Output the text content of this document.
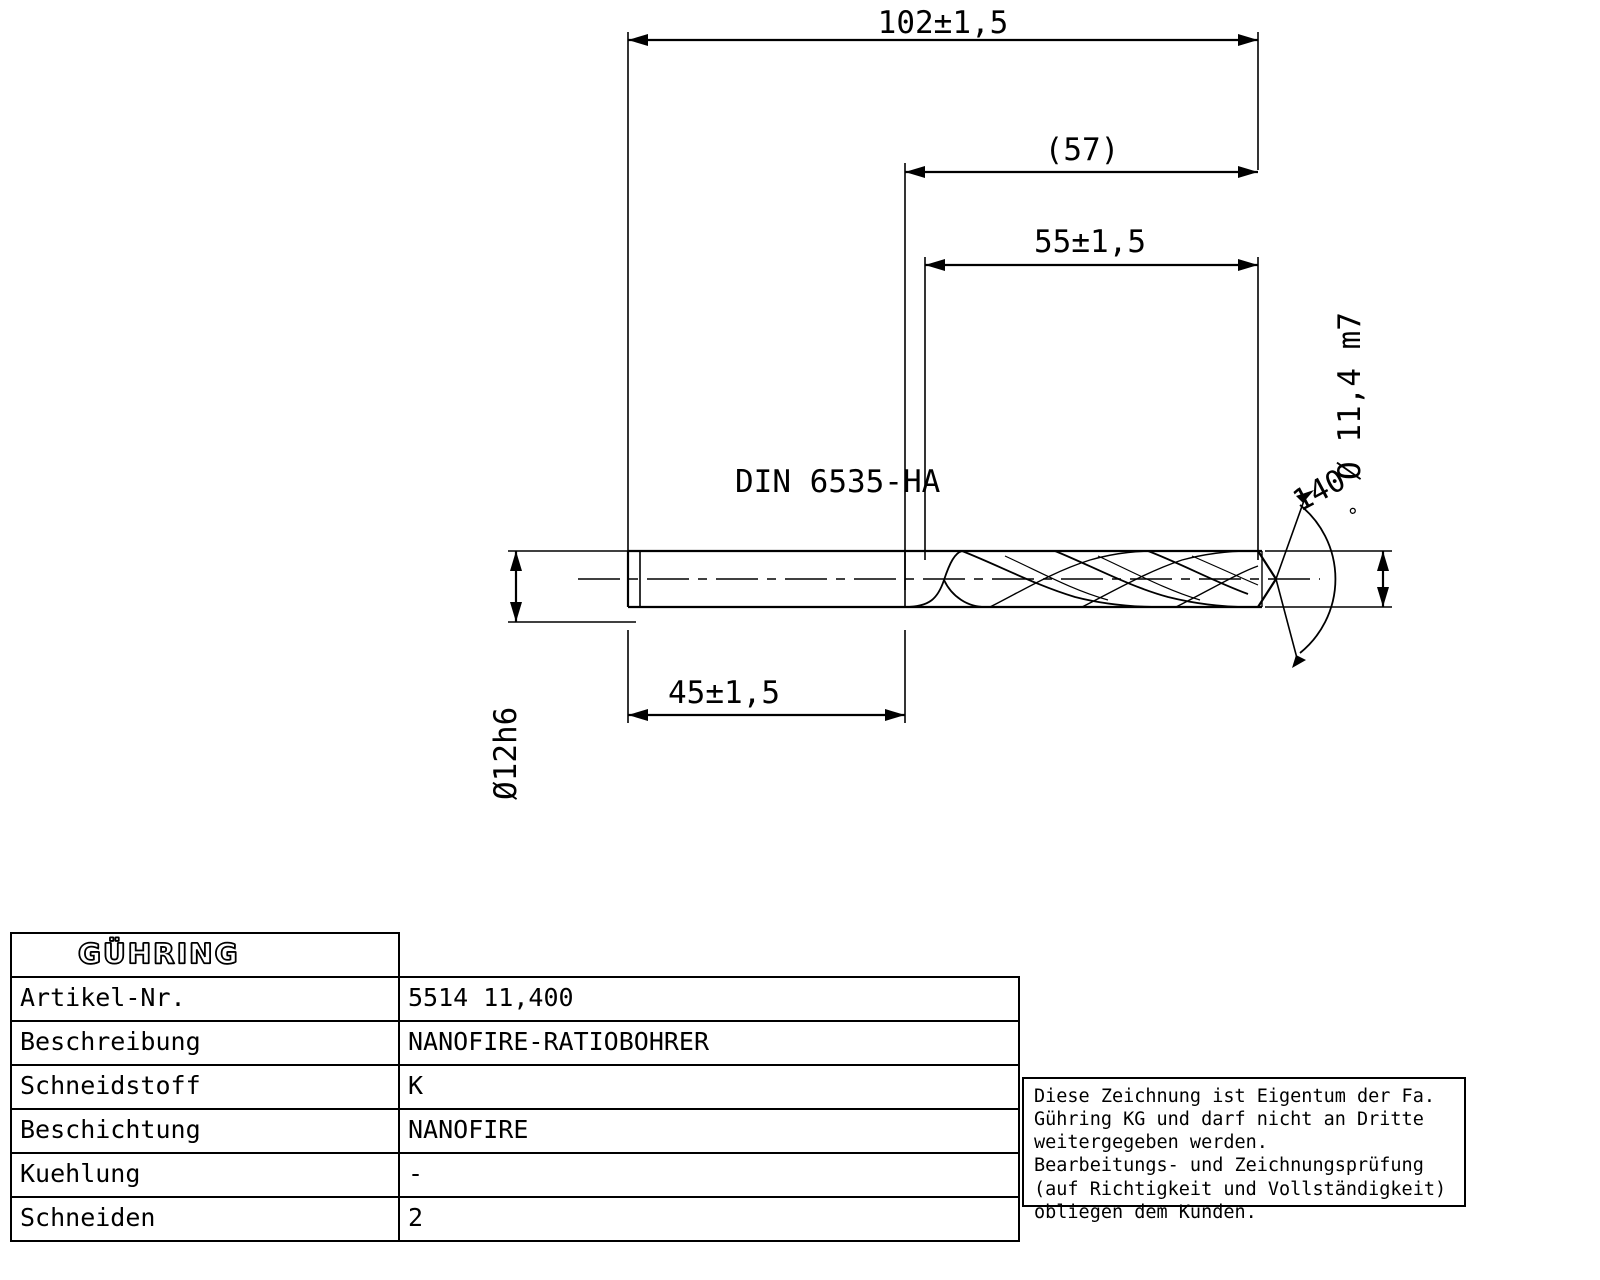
102±1,5
(57)
55±1,5
DIN 6535-HA
45±1,5
Ø12h6
Ø 11,4 m7
140
°
GÜHRING	
Artikel-Nr.	5514 11,400
Beschreibung	NANOFIRE-RATIOBOHRER
Schneidstoff	K
Beschichtung	NANOFIRE
Kuehlung	-
Schneiden	2
Diese Zeichnung ist Eigentum der Fa.
Gühring KG und darf nicht an Dritte
weitergegeben werden.
Bearbeitungs- und Zeichnungsprüfung
(auf Richtigkeit und Vollständigkeit)
obliegen dem Kunden.
